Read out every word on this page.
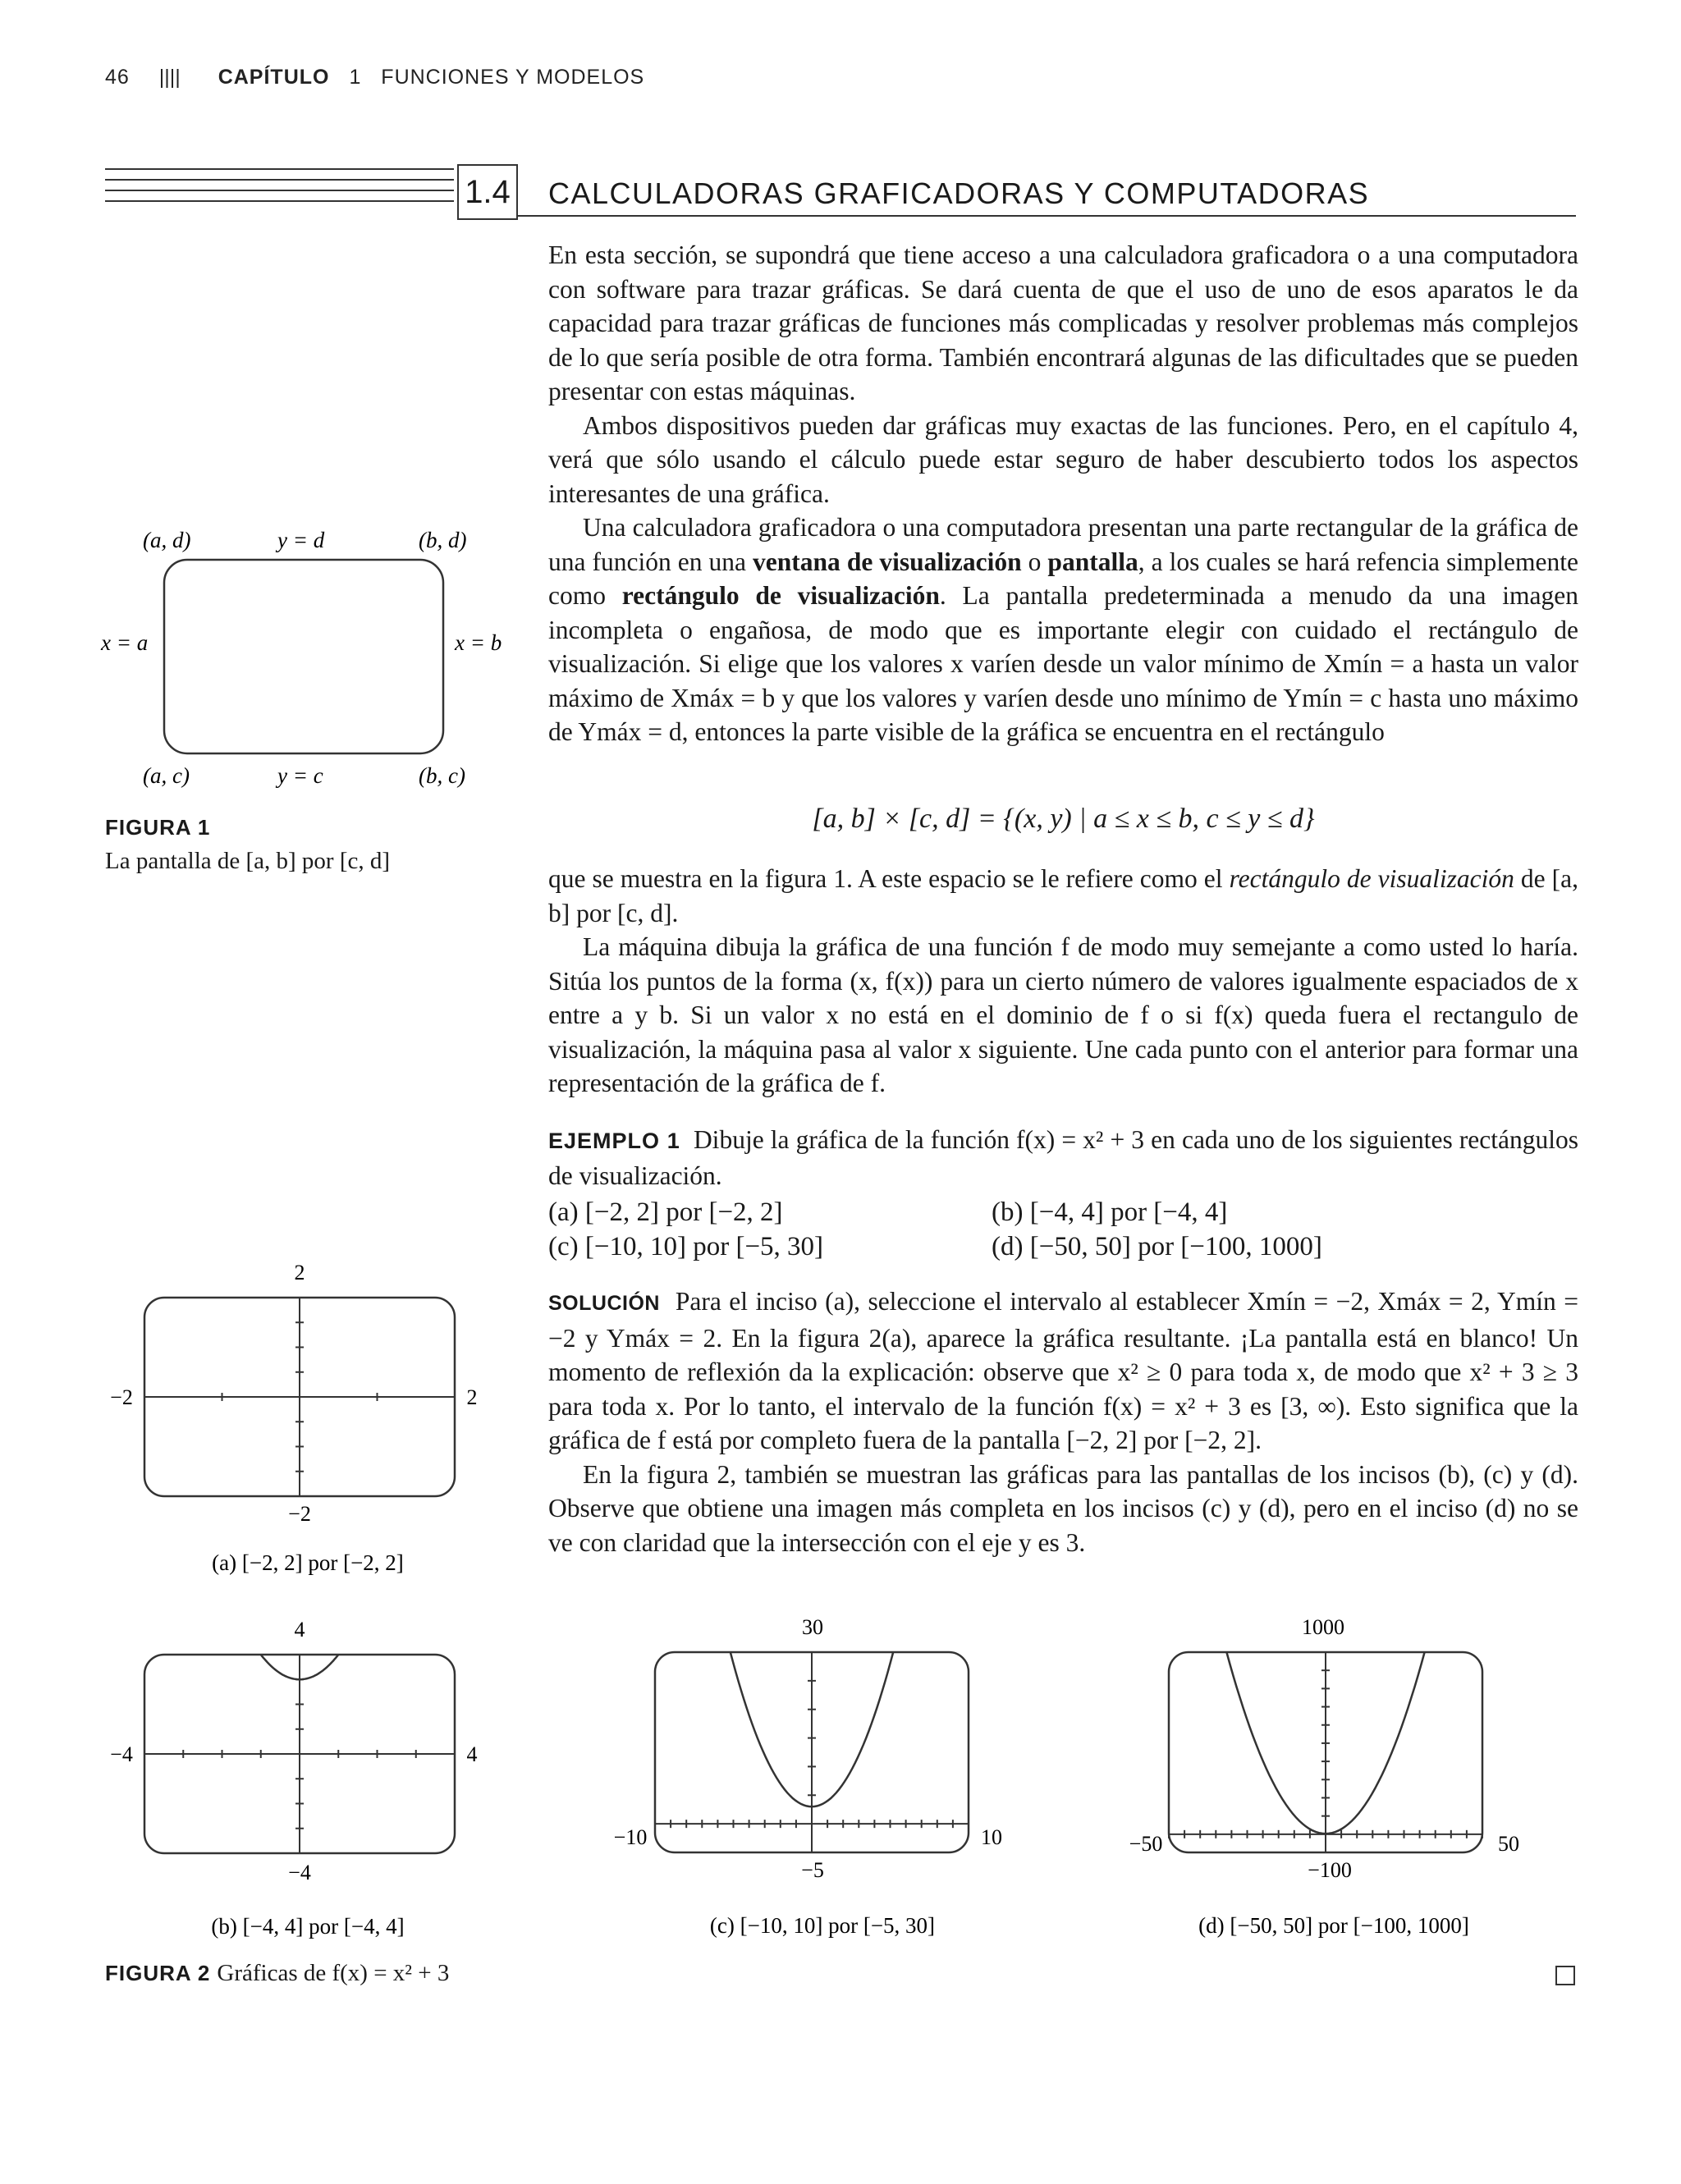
46 |||| CAPÍTULO 1 FUNCIONES Y MODELOS
1.4 CALCULADORAS GRAFICADORAS Y COMPUTADORAS

En esta sección, se supondrá que tiene acceso a una calculadora graficadora o a una computadora con software para trazar gráficas. Se dará cuenta de que el uso de uno de esos aparatos le da capacidad para trazar gráficas de funciones más complicadas y resolver problemas más complejos de lo que sería posible de otra forma. También encontrará algunas de las dificultades que se pueden presentar con estas máquinas.

Ambos dispositivos pueden dar gráficas muy exactas de las funciones. Pero, en el capítulo 4, verá que sólo usando el cálculo puede estar seguro de haber descubierto todos los aspectos interesantes de una gráfica.

Una calculadora graficadora o una computadora presentan una parte rectangular de la gráfica de una función en una ventana de visualización o pantalla, a los cuales se hará refencia simplemente como rectángulo de visualización. La pantalla predeterminada a menudo da una imagen incompleta o engañosa, de modo que es importante elegir con cuidado el rectángulo de visualización. Si elige que los valores x varíen desde un valor mínimo de Xmín = a hasta un valor máximo de Xmáx = b y que los valores y varíen desde uno mínimo de Ymín = c hasta uno máximo de Ymáx = d, entonces la parte visible de la gráfica se encuentra en el rectángulo

[a, b] × [c, d] = {(x, y) | a ≤ x ≤ b, c ≤ y ≤ d}

que se muestra en la figura 1. A este espacio se le refiere como el rectángulo de visualización de [a, b] por [c, d].

La máquina dibuja la gráfica de una función f de modo muy semejante a como usted lo haría. Sitúa los puntos de la forma (x, f(x)) para un cierto número de valores igualmente espaciados de x entre a y b. Si un valor x no está en el dominio de f o si f(x) queda fuera el rectangulo de visualización, la máquina pasa al valor x siguiente. Une cada punto con el anterior para formar una representación de la gráfica de f.

EJEMPLO 1 Dibuje la gráfica de la función f(x) = x² + 3 en cada uno de los siguientes rectángulos de visualización.

(a) [−2, 2] por [−2, 2]	(b) [−4, 4] por [−4, 4]
(c) [−10, 10] por [−5, 30]	(d) [−50, 50] por [−100, 1000]

SOLUCIÓN Para el inciso (a), seleccione el intervalo al establecer Xmín = −2, Xmáx = 2, Ymín = −2 y Ymáx = 2. En la figura 2(a), aparece la gráfica resultante. ¡La pantalla está en blanco! Un momento de reflexión da la explicación: observe que x² ≥ 0 para toda x, de modo que x² + 3 ≥ 3 para toda x. Por lo tanto, el intervalo de la función f(x) = x² + 3 es [3, ∞). Esto significa que la gráfica de f está por completo fuera de la pantalla [−2, 2] por [−2, 2].

En la figura 2, también se muestran las gráficas para las pantallas de los incisos (b), (c) y (d). Observe que obtiene una imagen más completa en los incisos (c) y (d), pero en el inciso (d) no se ve con claridad que la intersección con el eje y es 3.

(a, d)	y = d	(b, d)
x = a	x = b
(a, c)	y = c	(b, c)
FIGURA 1
La pantalla de [a, b] por [c, d]
2
−2	2
−2
(a) [−2, 2] por [−2, 2]
4
−4	4
−4
(b) [−4, 4] por [−4, 4]
30
−10	10
−5
(c) [−10, 10] por [−5, 30]
1000
−50	50
−100
(d) [−50, 50] por [−100, 1000]
FIGURA 2 Gráficas de f(x) = x² + 3
